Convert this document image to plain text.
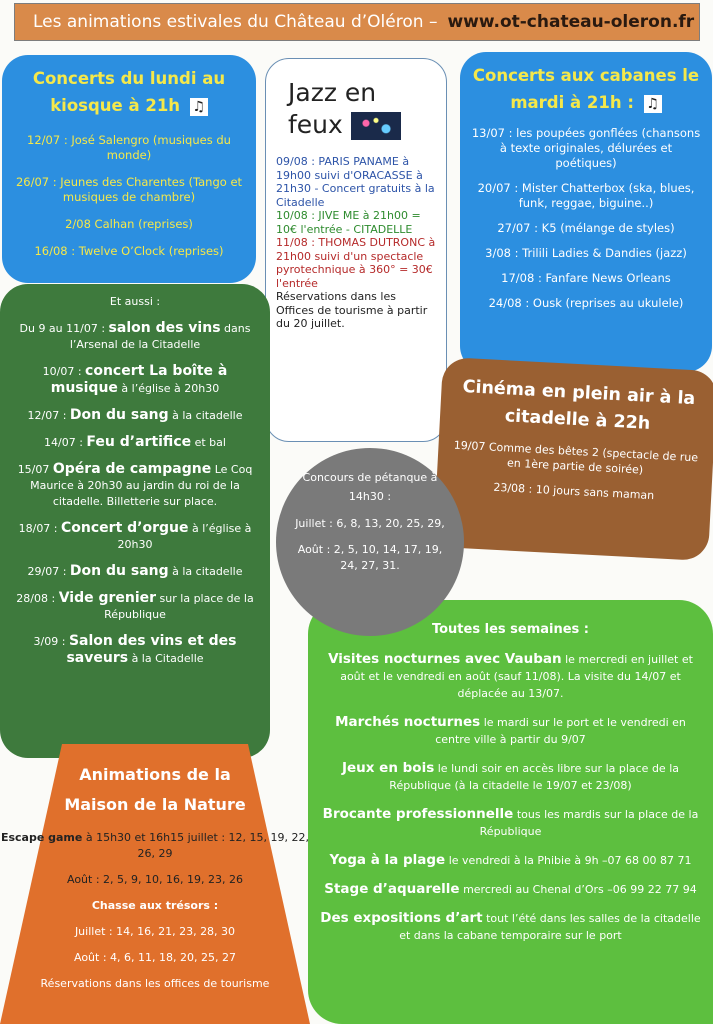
Les animations estivales du Château d’Oléron – www.ot-chateau-oleron.fr
Concerts du lundi au kiosque à 21h ♫

12/07 : José Salengro (musiques du monde)

26/07 : Jeunes des Charentes (Tango et musiques de chambre)

2/08 Calhan (reprises)

16/08 : Twelve O’Clock (reprises)

Jazz en
feux

09/08 : PARIS PANAME à 19h00 suivi d'ORACASSE à 21h30 - Concert gratuits à la Citadelle

10/08 : JIVE ME à 21h00 = 10€ l'entrée - CITADELLE

11/08 : THOMAS DUTRONC à 21h00 suivi d'un spectacle pyrotechnique à 360° = 30€ l'entrée

Réservations dans les Offices de tourisme à partir du 20 juillet.

Concerts aux cabanes le mardi à 21h : ♫

13/07 : les poupées gonflées (chansons à texte originales, délurées et poétiques)

20/07 : Mister Chatterbox (ska, blues, funk, reggae, biguine..)

27/07 : K5 (mélange de styles)

3/08 : Trilili Ladies & Dandies (jazz)

17/08 : Fanfare News Orleans

24/08 : Ousk (reprises au ukulele)

Et aussi :

Du 9 au 11/07 : salon des vins dans l’Arsenal de la Citadelle

10/07 : concert La boîte à musique à l’église à 20h30

12/07 : Don du sang à la citadelle

14/07 : Feu d’artifice et bal

15/07 Opéra de campagne Le Coq Maurice à 20h30 au jardin du roi de la citadelle. Billetterie sur place.

18/07 : Concert d’orgue à l’église à 20h30

29/07 : Don du sang à la citadelle

28/08 : Vide grenier sur la place de la République

3/09 : Salon des vins et des saveurs à la Citadelle

Cinéma en plein air à la citadelle à 22h

19/07 Comme des bêtes 2 (spectacle de rue en 1ère partie de soirée)

23/08 : 10 jours sans maman

Toutes les semaines :

Visites nocturnes avec Vauban le mercredi en juillet et août et le vendredi en août (sauf 11/08). La visite du 14/07 et déplacée au 13/07.

Marchés nocturnes le mardi sur le port et le vendredi en centre ville à partir du 9/07

Jeux en bois le lundi soir en accès libre sur la place de la République (à la citadelle le 19/07 et 23/08)

Brocante professionnelle tous les mardis sur la place de la République

Yoga à la plage le vendredi à la Phibie à 9h –07 68 00 87 71

Stage d’aquarelle mercredi au Chenal d’Ors –06 99 22 77 94

Des expositions d’art tout l’été dans les salles de la citadelle et dans la cabane temporaire sur le port

Concours de pétanque à 14h30 :

Juillet : 6, 8, 13, 20, 25, 29,

Août : 2, 5, 10, 14, 17, 19, 24, 27, 31.

Animations de la
Maison de la Nature

Escape game à 15h30 et 16h15 juillet : 12, 15, 19, 22, 26, 29

Août : 2, 5, 9, 10, 16, 19, 23, 26

Chasse aux trésors :

Juillet : 14, 16, 21, 23, 28, 30

Août : 4, 6, 11, 18, 20, 25, 27

Réservations dans les offices de tourisme
